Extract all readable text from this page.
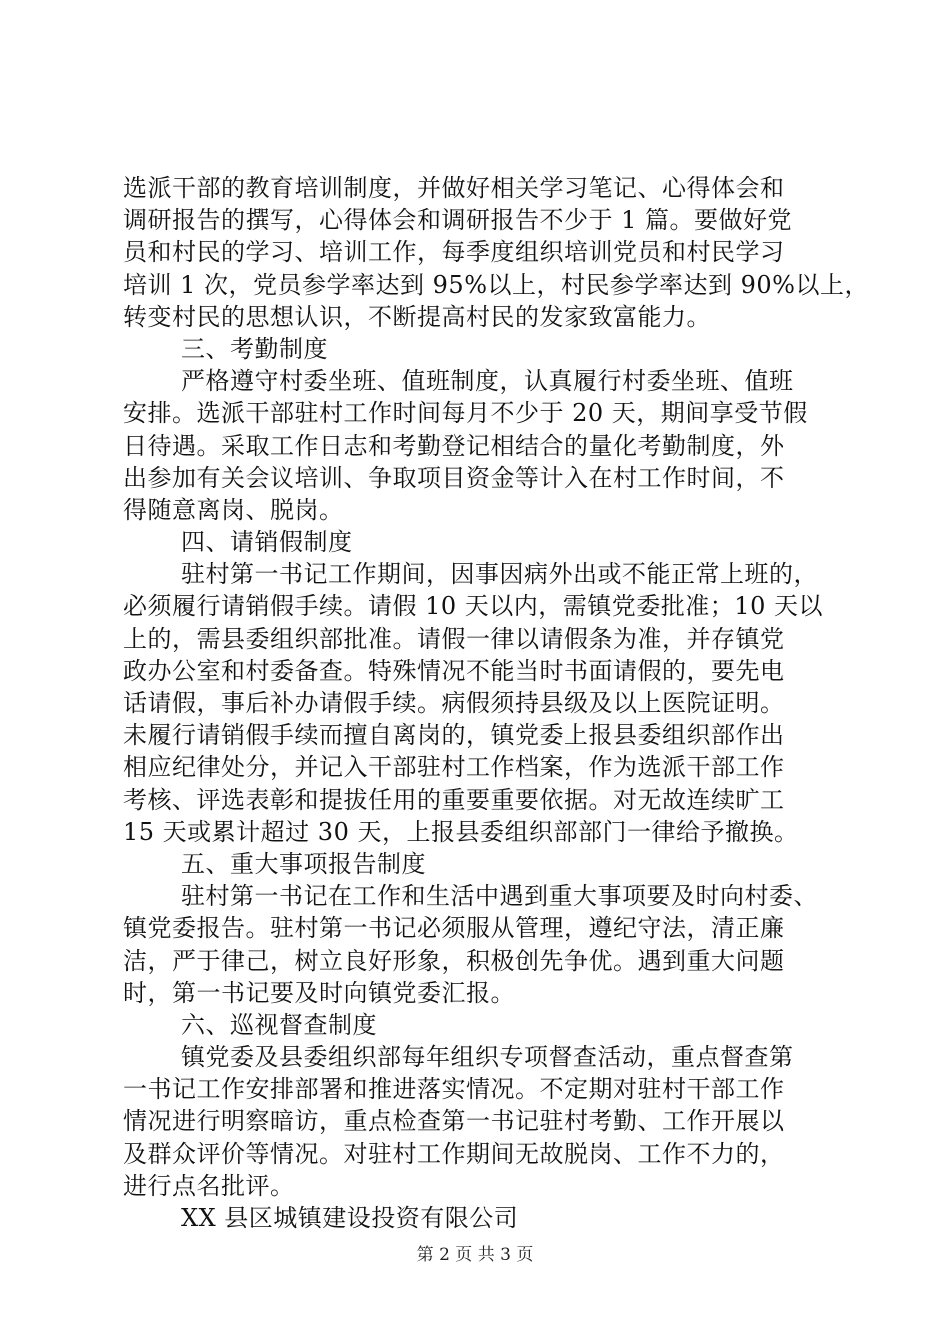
选派干部的教育培训制度，并做好相关学习笔记、心得体会和
调研报告的撰写，心得体会和调研报告不少于 1 篇。要做好党
员和村民的学习、培训工作，每季度组织培训党员和村民学习
培训 1 次，党员参学率达到 95%以上，村民参学率达到 90%以上，
转变村民的思想认识，不断提高村民的发家致富能力。
三、考勤制度
严格遵守村委坐班、值班制度，认真履行村委坐班、值班
安排。选派干部驻村工作时间每月不少于 20 天，期间享受节假
日待遇。采取工作日志和考勤登记相结合的量化考勤制度，外
出参加有关会议培训、争取项目资金等计入在村工作时间，不
得随意离岗、脱岗。
四、请销假制度
驻村第一书记工作期间，因事因病外出或不能正常上班的，
必须履行请销假手续。请假 10 天以内，需镇党委批准；10 天以
上的，需县委组织部批准。请假一律以请假条为准，并存镇党
政办公室和村委备查。特殊情况不能当时书面请假的，要先电
话请假，事后补办请假手续。病假须持县级及以上医院证明。
未履行请销假手续而擅自离岗的，镇党委上报县委组织部作出
相应纪律处分，并记入干部驻村工作档案，作为选派干部工作
考核、评选表彰和提拔任用的重要重要依据。对无故连续旷工
15 天或累计超过 30 天，上报县委组织部部门一律给予撤换。
五、重大事项报告制度
驻村第一书记在工作和生活中遇到重大事项要及时向村委、
镇党委报告。驻村第一书记必须服从管理，遵纪守法，清正廉
洁，严于律己，树立良好形象，积极创先争优。遇到重大问题
时，第一书记要及时向镇党委汇报。
六、巡视督查制度
镇党委及县委组织部每年组织专项督查活动，重点督查第
一书记工作安排部署和推进落实情况。不定期对驻村干部工作
情况进行明察暗访，重点检查第一书记驻村考勤、工作开展以
及群众评价等情况。对驻村工作期间无故脱岗、工作不力的，
进行点名批评。
XX 县区城镇建设投资有限公司
第 2 页 共 3 页
